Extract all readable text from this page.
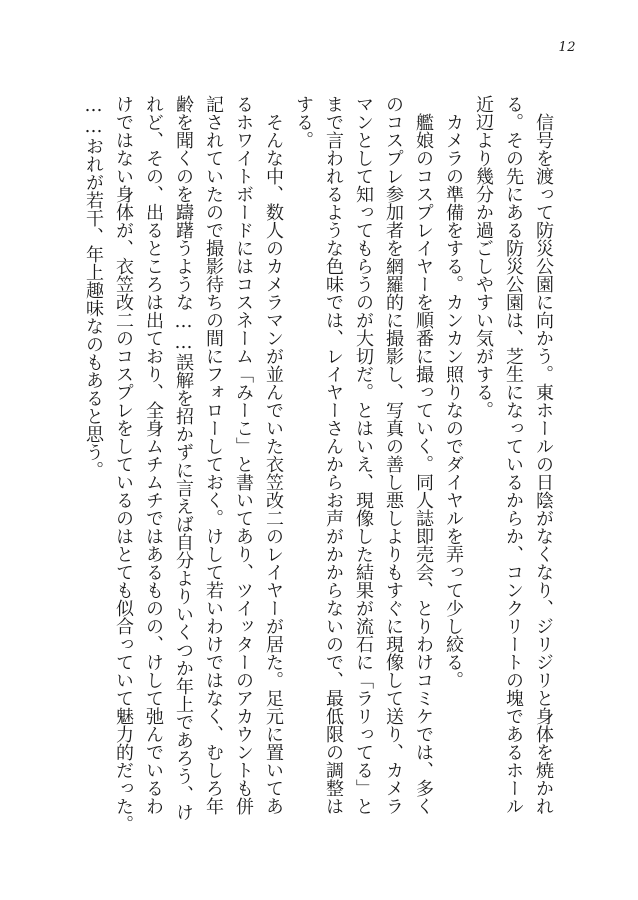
12
　信号を渡って防災公園に向かう。東ホールの日陰がなくなり、ジリジリと身体を焼かれ
る。その先にある防災公園は、芝生になっているからか、コンクリートの塊であるホール
近辺より幾分か過ごしやすい気がする。
　カメラの準備をする。カンカン照りなのでダイヤルを弄って少し絞る。
　艦娘のコスプレイヤーを順番に撮っていく。同人誌即売会、とりわけコミケでは、多く
のコスプレ参加者を網羅的に撮影し、写真の善し悪しよりもすぐに現像して送り、カメラ
マンとして知ってもらうのが大切だ。とはいえ、現像した結果が流石に「ラリってる」と
まで言われるような色味では、レイヤーさんからお声がかからないので、最低限の調整は
する。
　そんな中、数人のカメラマンが並んでいた衣笠改二のレイヤーが居た。足元に置いてあ
るホワイトボードにはコスネーム「みーこ」と書いてあり、ツイッターのアカウントも併
記されていたので撮影待ちの間にフォローしておく。けして若いわけではなく、むしろ年
齢を聞くのを躊躇うような……誤解を招かずに言えば自分よりいくつか年上であろう、け
れど、その、出るところは出ており、全身ムチムチではあるものの、けして弛んでいるわ
けではない身体が、衣笠改二のコスプレをしているのはとても似合っていて魅力的だった。
……おれが若干、年上趣味なのもあると思う。
